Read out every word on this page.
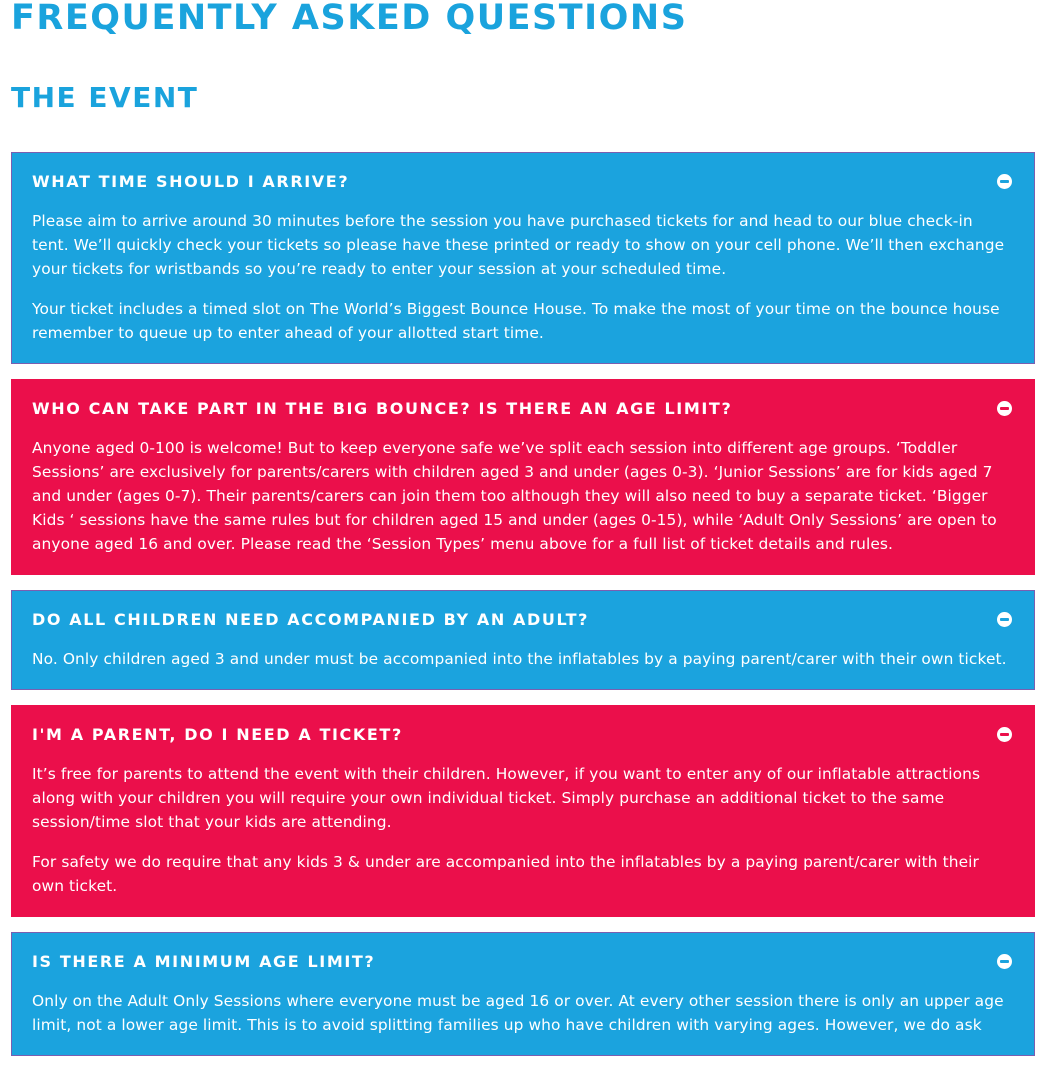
FREQUENTLY ASKED QUESTIONS
THE EVENT
WHAT TIME SHOULD I ARRIVE?

Please aim to arrive around 30 minutes before the session you have purchased tickets for and head to our blue check-in tent. We’ll quickly check your tickets so please have these printed or ready to show on your cell phone. We’ll then exchange your tickets for wristbands so you’re ready to enter your session at your scheduled time.

Your ticket includes a timed slot on The World’s Biggest Bounce House. To make the most of your time on the bounce house remember to queue up to enter ahead of your allotted start time.

WHO CAN TAKE PART IN THE BIG BOUNCE? IS THERE AN AGE LIMIT?

Anyone aged 0-100 is welcome! But to keep everyone safe we’ve split each session into different age groups. ‘Toddler Sessions’ are exclusively for parents/carers with children aged 3 and under (ages 0-3). ‘Junior Sessions’ are for kids aged 7 and under (ages 0-7). Their parents/carers can join them too although they will also need to buy a separate ticket. ‘Bigger Kids ‘ sessions have the same rules but for children aged 15 and under (ages 0-15), while ‘Adult Only Sessions’ are open to anyone aged 16 and over. Please read the ‘Session Types’ menu above for a full list of ticket details and rules.

DO ALL CHILDREN NEED ACCOMPANIED BY AN ADULT?

No. Only children aged 3 and under must be accompanied into the inflatables by a paying parent/carer with their own ticket.

I'M A PARENT, DO I NEED A TICKET?

It’s free for parents to attend the event with their children. However, if you want to enter any of our inflatable attractions along with your children you will require your own individual ticket. Simply purchase an additional ticket to the same session/time slot that your kids are attending.

For safety we do require that any kids 3 & under are accompanied into the inflatables by a paying parent/carer with their own ticket.

IS THERE A MINIMUM AGE LIMIT?

Only on the Adult Only Sessions where everyone must be aged 16 or over. At every other session there is only an upper age limit, not a lower age limit. This is to avoid splitting families up who have children with varying ages. However, we do ask
